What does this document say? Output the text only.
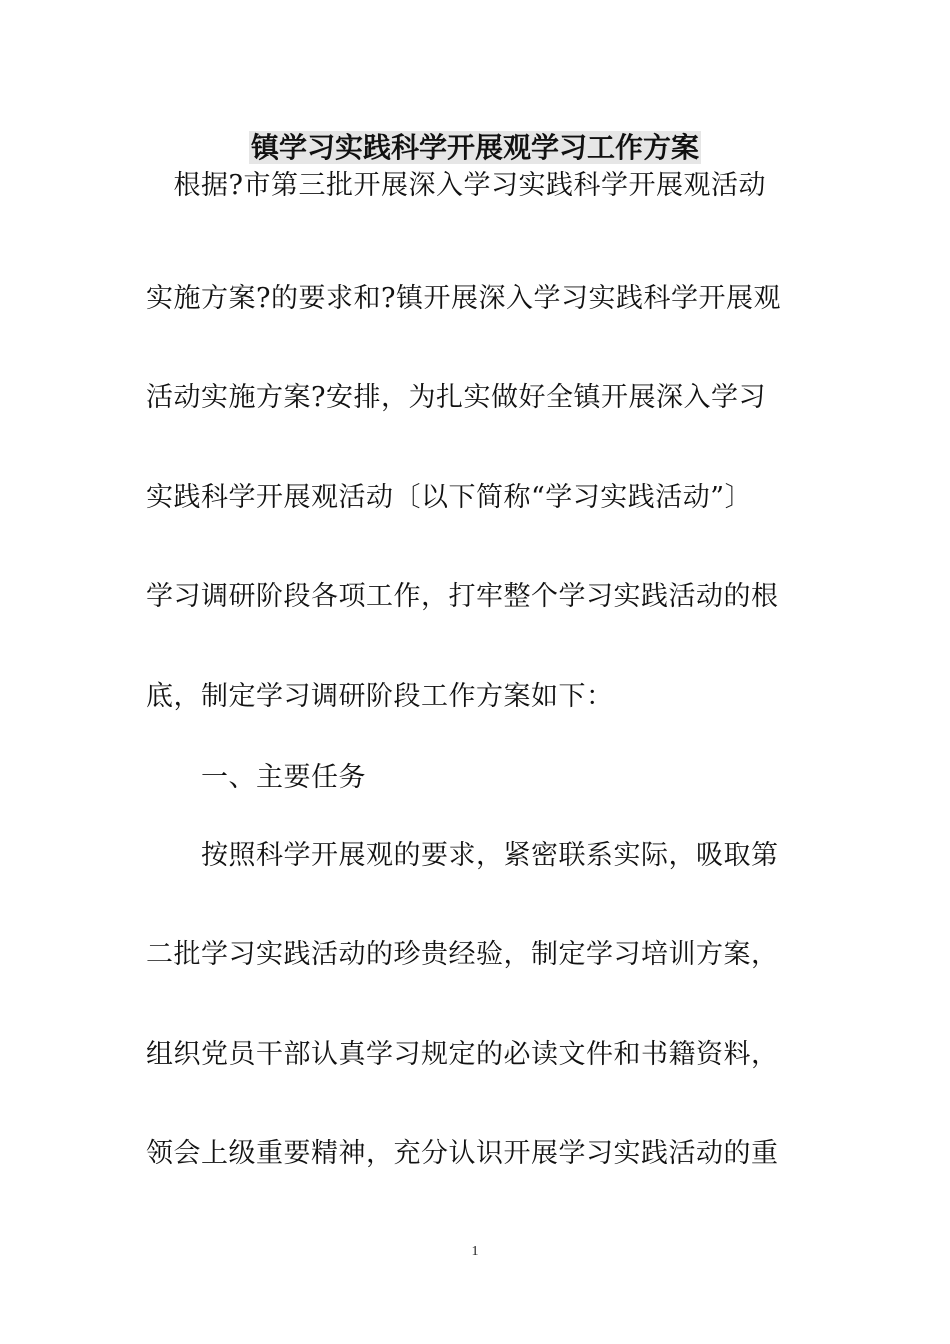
镇学习实践科学开展观学习工作方案
　根据?市第三批开展深入学习实践科学开展观活动
实施方案?的要求和?镇开展深入学习实践科学开展观
活动实施方案?安排，为扎实做好全镇开展深入学习
实践科学开展观活动〔以下简称“学习实践活动”〕
学习调研阶段各项工作，打牢整个学习实践活动的根
底，制定学习调研阶段工作方案如下：
　　一、主要任务
　　按照科学开展观的要求，紧密联系实际，吸取第
二批学习实践活动的珍贵经验，制定学习培训方案，
组织党员干部认真学习规定的必读文件和书籍资料，
领会上级重要精神，充分认识开展学习实践活动的重
1
